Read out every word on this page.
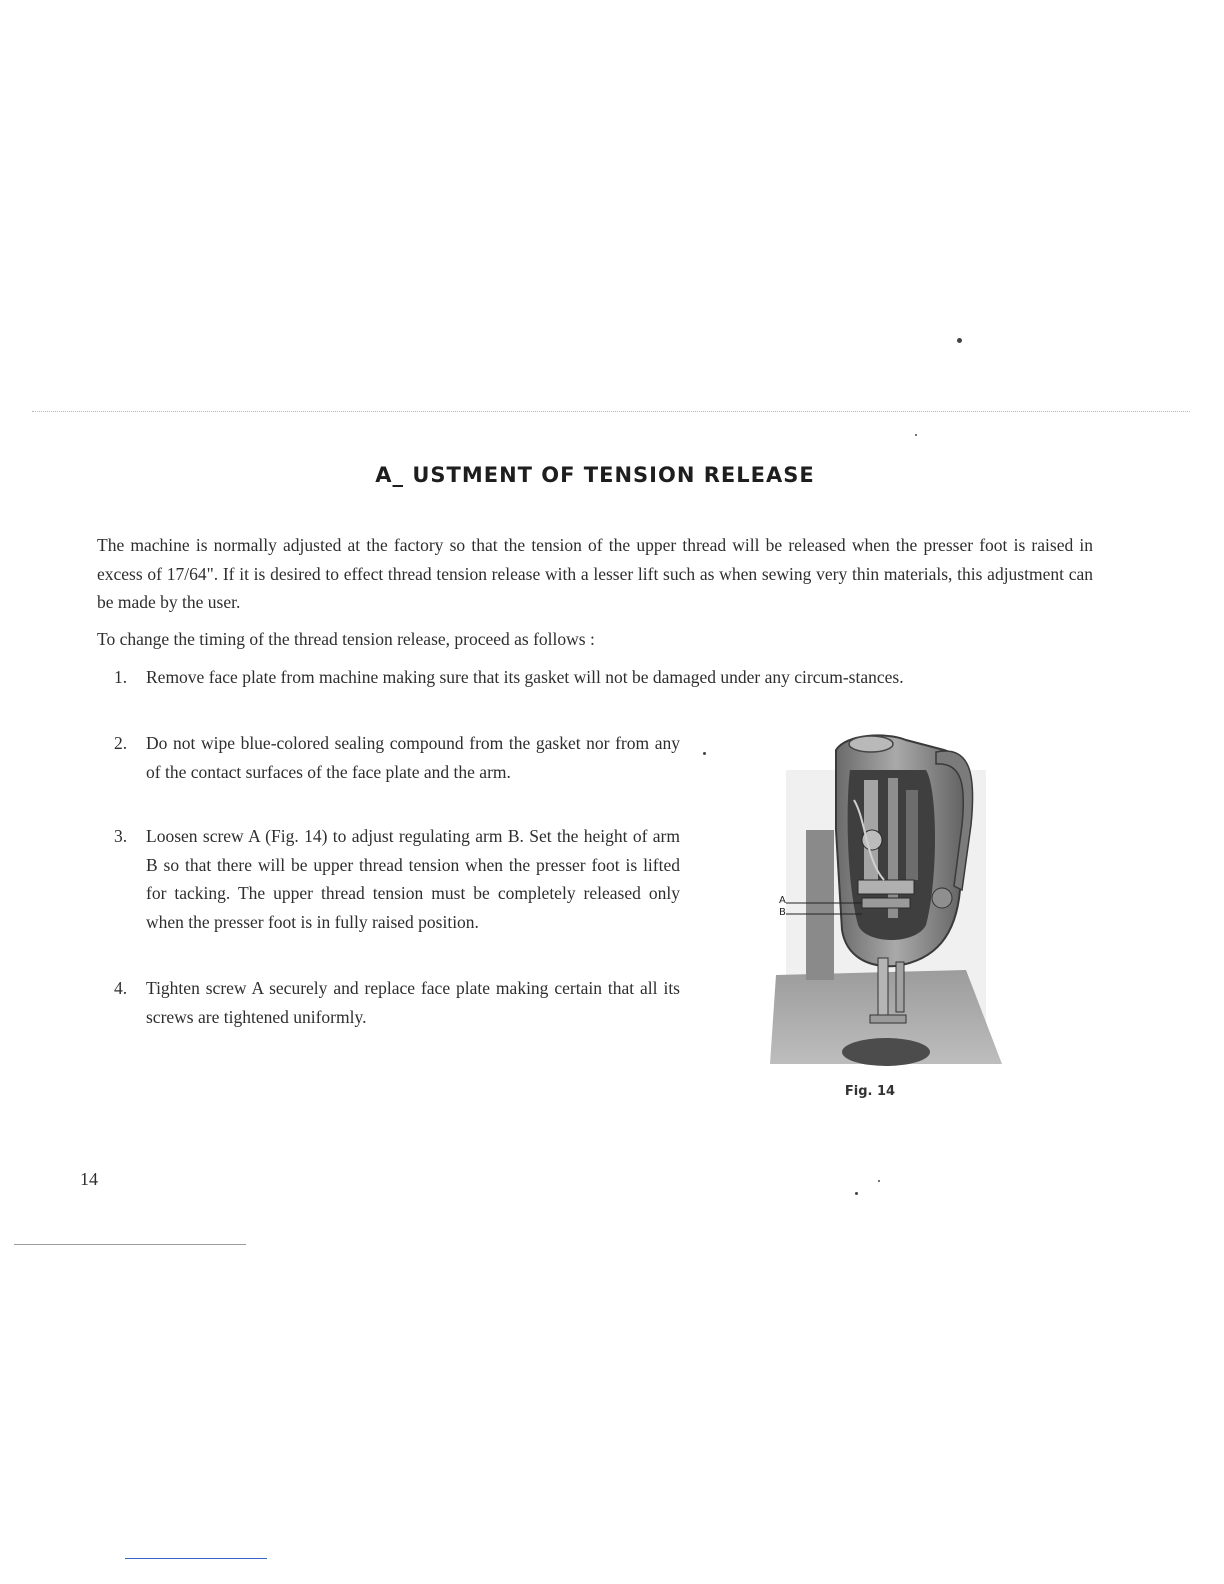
A_ USTMENT OF TENSION RELEASE
The machine is normally adjusted at the factory so that the tension of the upper thread will be released when the presser foot is raised in excess of 17/64". If it is desired to effect thread tension release with a lesser lift such as when sewing very thin materials, this adjustment can be made by the user.
To change the timing of the thread tension release, proceed as follows :
1.	Remove face plate from machine making sure that its gasket will not be damaged under any circum-stances.
2.	Do not wipe blue-colored sealing compound from the gasket nor from any of the contact surfaces of the face plate and the arm.
3.	Loosen screw A (Fig. 14) to adjust regulating arm B. Set the height of arm B so that there will be upper thread tension when the presser foot is lifted for tacking. The upper thread tension must be completely released only when the presser foot is in fully raised position.
4.	Tighten screw A securely and replace face plate making certain that all its screws are tightened uniformly.
A
B
Fig. 14
14
